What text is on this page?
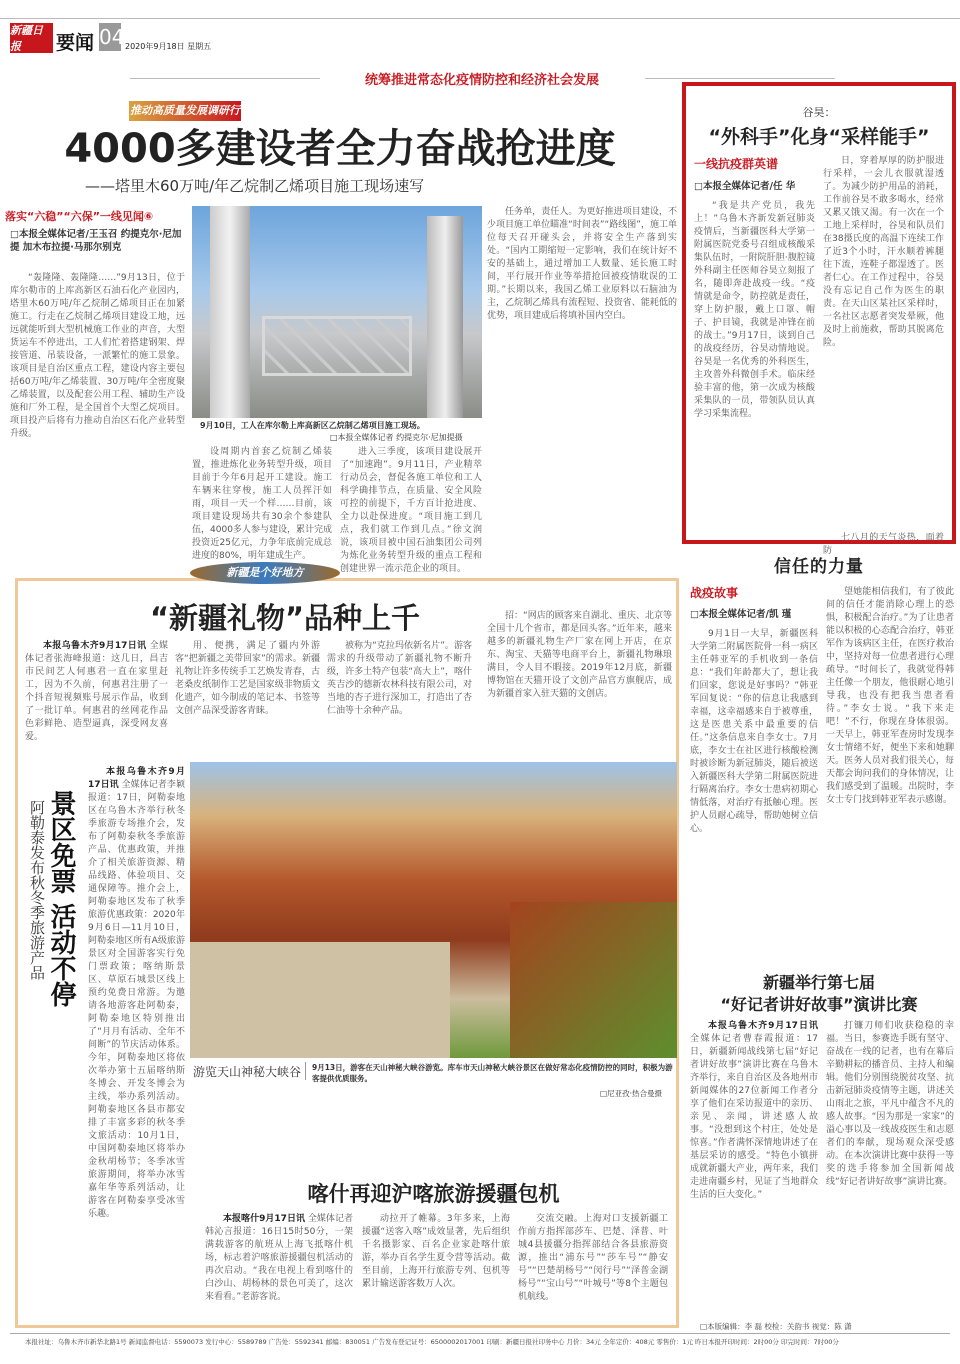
新疆日报	要闻 04 2020年9月18日 星期五
统筹推进常态化疫情防控和经济社会发展
推动高质量发展调研行
4000多建设者全力奋战抢进度
——塔里木60万吨/年乙烷制乙烯项目施工现场速写
落实“六稳”“六保”一线见闻⑥
□本报全媒体记者/王玉召 约提克尔·尼加提 加木布拉提·马那尔别克

“轰隆隆、轰隆隆……”9月13日，位于库尔勒市的上库高新区石油石化产业园内，塔里木60万吨/年乙烷制乙烯项目正在加紧施工。行走在乙烷制乙烯项目建设工地，远远就能听到大型机械施工作业的声音，大型货运车不停进出，工人们忙着搭建钢架、焊接管道、吊装设备，一派繁忙的施工景象。该项目是自治区重点工程，建设内容主要包括60万吨/年乙烯装置、30万吨/年全密度聚乙烯装置，以及配套公用工程、辅助生产设施和厂外工程，是全国首个大型乙烷项目。项目投产后将有力推动自治区石化产业转型升级。

9月10日，工人在库尔勒上库高新区乙烷制乙烯项目施工现场。
□本报全媒体记者 约提克尔·尼加提摄

设周期内首套乙烷制乙烯装置，推进炼化业务转型升级，项目目前于今年6月起开工建设。施工车辆来往穿梭，施工人员挥汗如雨，项目一天一个样……目前，该项目建设现场共有30余个参建队伍，4000多人参与建设，累计完成投资近25亿元，力争年底前完成总进度的80%，明年建成生产。

进入三季度，该项目建设展开了“加速跑”。9月11日，产业精萃行动员会，督促各施工单位和工人科学确排节点，在质量、安全风险可控的前提下，千方百计抢进度、全力以赴保进度。“项目施工到几点，我们就工作到几点。”徐文润说，该项目被中国石油集团公司列为炼化业务转型升级的重点工程和创建世界一流示范企业的项目。

任务单，责任人。为更好推进项目建设，不少项目施工单位瞄准“时间表”“路线图”，施工单位每天召开碰头会，并将安全生产落到实处。“国内工期缩短一定影响，我们在统计好不安的基础上，通过增加工人数量、延长施工时间，平行展开作业等举措抢回被疫情耽误的工期。”长期以来，我国乙烯工业原料以石脑油为主，乙烷制乙烯具有流程短、投资省、能耗低的优势，项目建成后将填补国内空白。

谷昊：
“外科手”化身“采样能手”
一线抗疫群英谱
□本报全媒体记者/任 华

“我是共产党员，我先上！”乌鲁木齐新发新冠肺炎疫情后，当新疆医科大学第一附属医院党委号召组成核酸采集队伍时，一附院肝胆·腹腔镜外科副主任医师谷昊立刻报了名，随即奔赴战疫一线。“疫情就是命令，防控就是责任，穿上防护服，戴上口罩、帽子、护目镜，我就是冲锋在前的战士。”9月17日，谈到自己的战疫经历，谷昊动情地说。谷昊是一名优秀的外科医生，主攻普外科微创手术。临床经验丰富的他，第一次成为核酸采集队的一员，带领队员认真学习采集流程。

日，穿着厚厚的防护服进行采样，一会儿衣服就湿透了。为减少防护用品的消耗，工作前谷昊不敢多喝水，经常又累又饿又渴。有一次在一个工地上采样时，谷昊和队员们在38摄氏度的高温下连续工作了近3个小时，汗水顺着裤腿往下流，连鞋子都湿透了。医者仁心。在工作过程中，谷昊没有忘记自己作为医生的职责。在天山区某社区采样时，一名社区志愿者突发晕厥，他及时上前施救，帮助其脱离危险。

七八月的天气炎热，面着防

新疆是个好地方
“新疆礼物”品种上千

本报乌鲁木齐9月17日讯 全媒体记者张海峰报道：这几日，昌吉市民间艺人何惠君一直在家里赶工，因为不久前，何惠君注册了一个抖音短视频账号展示作品，收到了一批订单。何惠君的丝网花作品色彩鲜艳、造型逼真，深受网友喜爱。

用、便携，满足了疆内外游客“把新疆之美带回家”的需求。新疆礼物让许多传统手工艺焕发青春，古老桑皮纸制作工艺是国家级非物质文化遗产，如今制成的笔记本、书签等文创产品深受游客青睐。

被称为“克拉玛依新名片”。游客需求的升级带动了新疆礼物不断升级，许多土特产包装“高大上”，喀什英吉沙的德新农林科技有限公司，对当地的杏子进行深加工，打造出了杏仁油等十余种产品。

招：“网店的顾客来自湖北、重庆、北京等全国十几个省市，都是回头客。”近年来，越来越多的新疆礼物生产厂家在网上开店，在京东、淘宝、天猫等电商平台上，新疆礼物琳琅满目，令人目不暇接。2019年12月底，新疆博物馆在天猫开设了文创产品官方旗舰店，成为新疆首家入驻天猫的文创店。

阿勒泰发布秋冬季旅游产品 景区免票 活动不停

本报乌鲁木齐9月17日讯 全媒体记者李颖报道：17日，阿勒泰地区在乌鲁木齐举行秋冬季旅游专场推介会，发布了阿勒泰秋冬季旅游产品、优惠政策，并推介了相关旅游资源、精品线路、体验项目、交通保障等。推介会上，阿勒泰地区发布了秋季旅游优惠政策：2020年9月6日—11月10日，阿勒泰地区所有A级旅游景区对全国游客实行免门票政策；喀纳斯景区、草原石城景区线上预约免费日常游。为邀请各地游客赴阿勒泰，阿勒泰地区特别推出了“月月有活动、全年不间断”的节庆活动体系。今年，阿勒泰地区将依次举办第十五届喀纳斯冬博会、开发冬博会为主线，举办系列活动。阿勒泰地区各县市都安排了丰富多彩的秋冬季文旅活动：10月1日，中国阿勒泰地区将举办金秋胡杨节；冬季冰雪旅游期间，将举办冰雪嘉年华等系列活动，让游客在阿勒泰享受冰雪乐趣。

游览天山神秘大峡谷 9月13日，游客在天山神秘大峡谷游览。库车市天山神秘大峡谷景区在做好常态化疫情防控的同时，积极为游客提供优质服务。
□尼亚孜·热合曼摄
喀什再迎沪喀旅游援疆包机

本报喀什9月17日讯 全媒体记者韩沁言报道：16日15时50分，一架满载游客的航班从上海飞抵喀什机场，标志着沪喀旅游援疆包机活动的再次启动。“我在电视上看到喀什的白沙山、胡杨林的景色可美了，这次来看看。”老游客说。

动拉开了帷幕。3年多来，上海援疆“送客入喀”成效显著，先后组织千名摄影家、百名企业家赴喀什旅游，举办百名学生夏令营等活动。截至目前，上海开行旅游专列、包机等累计输送游客数万人次。

交流交融。上海对口支援新疆工作前方指挥部莎车、巴楚、泽普、叶城4县援疆分指挥部结合各县旅游资源，推出“浦东号”“莎车号”“静安号”“巴楚胡杨号”“闵行号”“泽普金湖杨号”“宝山号”“叶城号”等8个主题包机航线。

信任的力量
战疫故事
□本报全媒体记者/凯 瑾

9月1日一大早，新疆医科大学第二附属医院骨一科一病区主任韩亚军的手机收到一条信息：“我们年龄都大了，想让我们回家，您说是好事吗？”韩亚军回复说：“你的信息让我感到幸福，这幸福感来自于被尊重，这是医患关系中最重要的信任。”这条信息来自李女士。7月底，李女士在社区进行核酸检测时被诊断为新冠肺炎，随后被送入新疆医科大学第二附属医院进行隔离治疗。李女士患病初期心情低落，对治疗有抵触心理。医护人员耐心疏导，帮助她树立信心。

望她能相信我们，有了彼此间的信任才能消除心理上的恐惧，积极配合治疗。”为了让患者能以积极的心态配合治疗，韩亚军作为该病区主任，在医疗救治中，坚持对每一位患者进行心理疏导。“时间长了，我就觉得韩主任像一个朋友，他很耐心地引导我，也没有把我当患者看待。”李女士说。“我下来走吧！”不行，你现在身体很弱。一天早上，韩亚军查房时发现李女士情绪不好，便坐下来和她聊天。医务人员对我们很关心，每天都会询问我们的身体情况，让我们感受到了温暖。出院时，李女士专门找到韩亚军表示感谢。

新疆举行第七届
“好记者讲好故事”演讲比赛

本报乌鲁木齐9月17日讯 全媒体记者曹春霞报道：17日，新疆新闻战线第七届“好记者讲好故事”演讲比赛在乌鲁木齐举行，来自自治区及各地州市新闻媒体的27位新闻工作者分享了他们在采访报道中的亲历、亲见、亲闻，讲述感人故事。“没想到这个村庄，处处是惊喜。”作者满怀深情地讲述了在基层采访的感受。“特色小镇拼成就新疆大产业，两年来，我们走进南疆乡村，见证了当地群众生活的巨大变化。”

打镰刀师们收获稳稳的幸福。当日，参赛选手既有坚守、奋战在一线的记者，也有在幕后辛勤耕耘的播音员、主持人和编辑。他们分别围绕脱贫攻坚、抗击新冠肺炎疫情等主题，讲述关山雨北之旅，平凡中蕴含不凡的感人故事。“因为那是一家家”的溢心事以及一线战疫医生和志愿者们的奉献，现场观众深受感动。在本次演讲比赛中获得一等奖的选手将参加全国新闻战线“好记者讲好故事”演讲比赛。

□本版编辑：李 磊 校检：关韵书 视觉：陈 潇
本报社址：乌鲁木齐市新华北路1号 新闻监督电话：5590073 发行中心：5589789 广告处：5592341 邮编：830051 广告发布登记证号：6500002017001 印刷：新疆日报社印务中心 月价：34元 全年定价：408元 零售价：1元 昨日本报开印时间：2时00分 印完时间：7时00分
